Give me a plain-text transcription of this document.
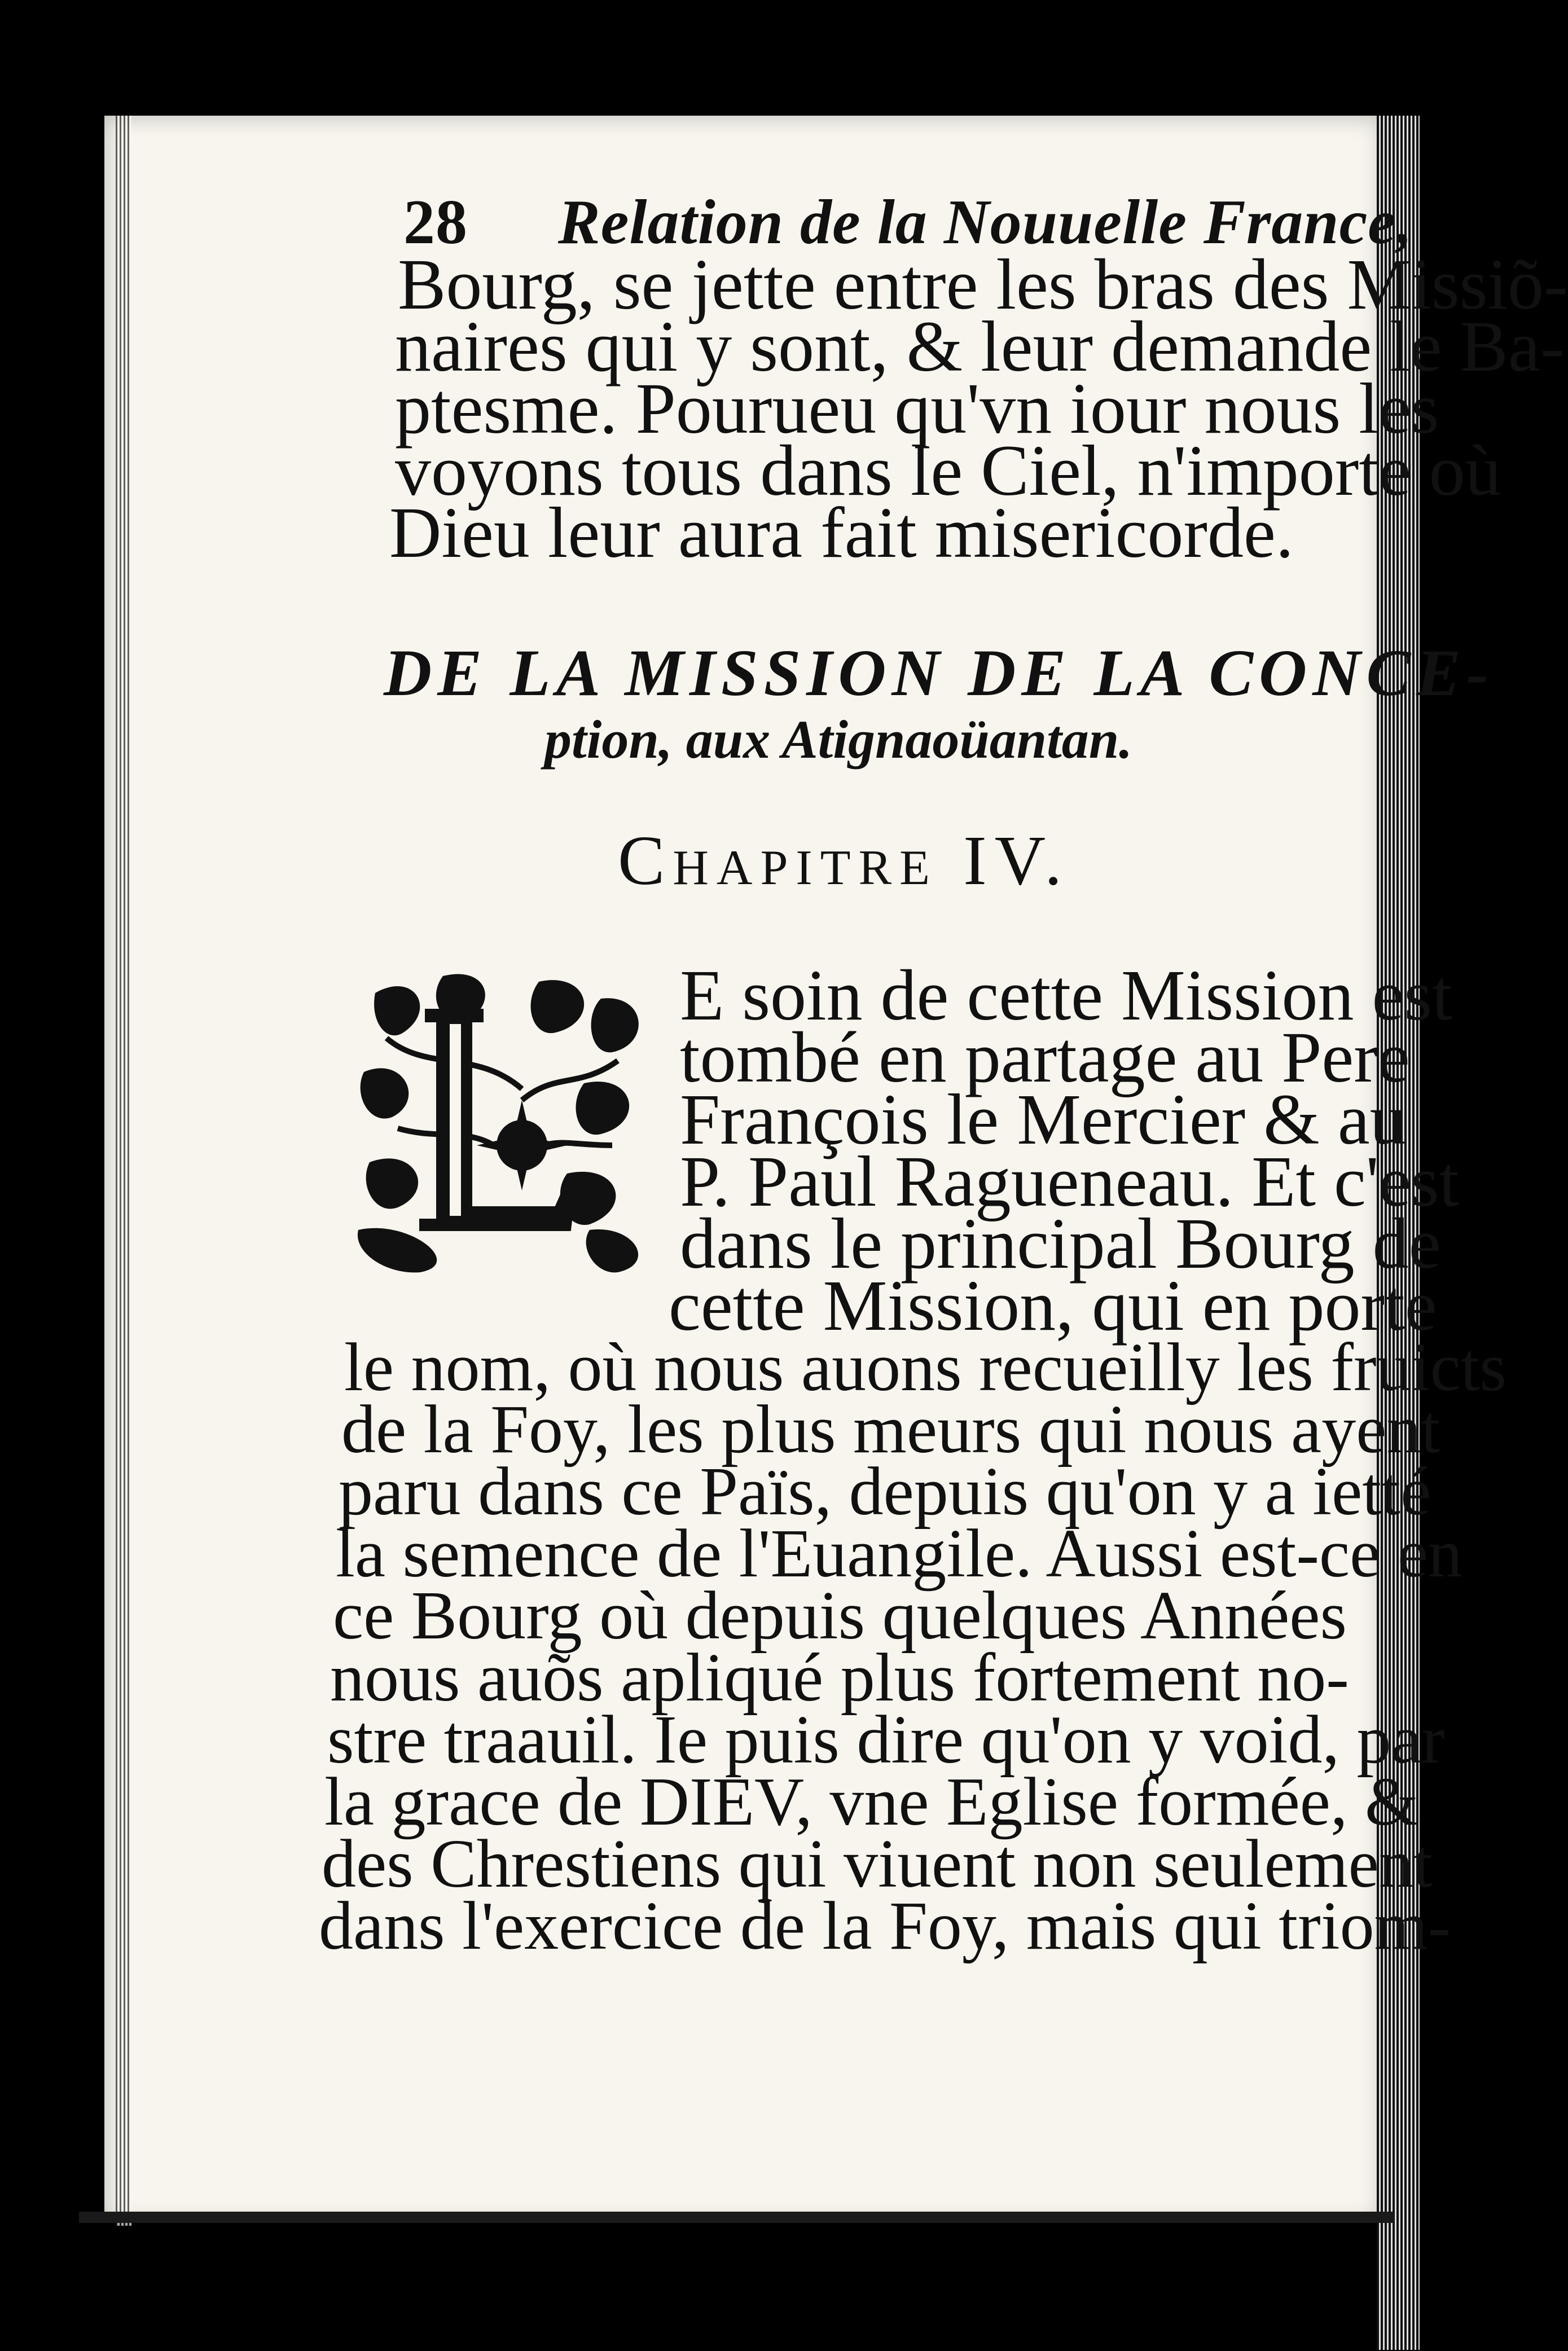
28 Relation de la Nouuelle France,
Bourg, se jette entre les bras des Missiõ-
naires qui y sont, & leur demande le Ba-
ptesme. Pouruеu qu'vn iour nous les
voyons tous dans le Ciel, n'importe où
Dieu leur aura fait misericorde.
DE LA MISSION DE LA CONCE-
ption, aux Atignaoüantan.
Chapitre IV.
E soin de cette Mission est
tombé en partage au Pere
François le Mercier & au
P. Paul Ragueneau. Et c'est
dans le principal Bourg de
cette Mission, qui en porte
le nom, où nous auons recueilly les fruicts
de la Foy, les plus meurs qui nous ayent
paru dans ce Païs, depuis qu'on y a ietté
la semence de l'Euangile. Aussi est-ce en
ce Bourg où depuis quelques Années
nous auõs apliqué plus fortement no-
stre traauil. Ie puis dire qu'on y void, par
la grace de DIEV, vne Eglise formée, &
des Chrestiens qui viuent non seulement
dans l'exercice de la Foy, mais qui triom-
